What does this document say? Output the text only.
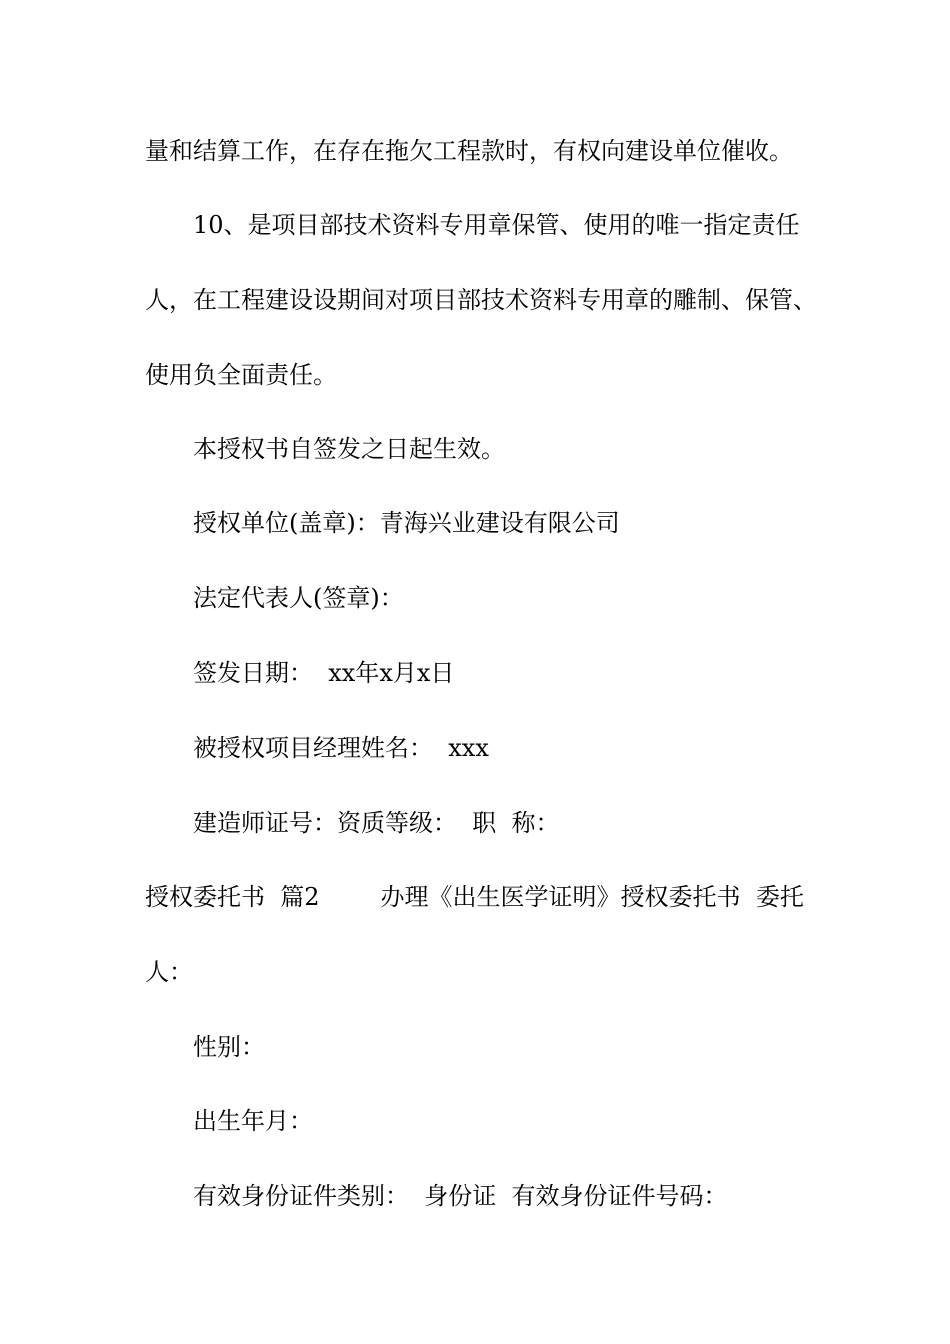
量和结算工作，在存在拖欠工程款时，有权向建设单位催收。
10、是项目部技术资料专用章保管、使用的唯一指定责任
人，在工程建设设期间对项目部技术资料专用章的雕制、保管、
使用负全面责任。
本授权书自签发之日起生效。
授权单位(盖章)：青海兴业建设有限公司
法定代表人(签章)：
签发日期：  xx年x月x日
被授权项目经理姓名：  xxx
建造师证号：资质等级：  职  称：
授权委托书  篇2        办理《出生医学证明》授权委托书  委托
人：
性别：
出生年月：
有效身份证件类别：  身份证  有效身份证件号码：
